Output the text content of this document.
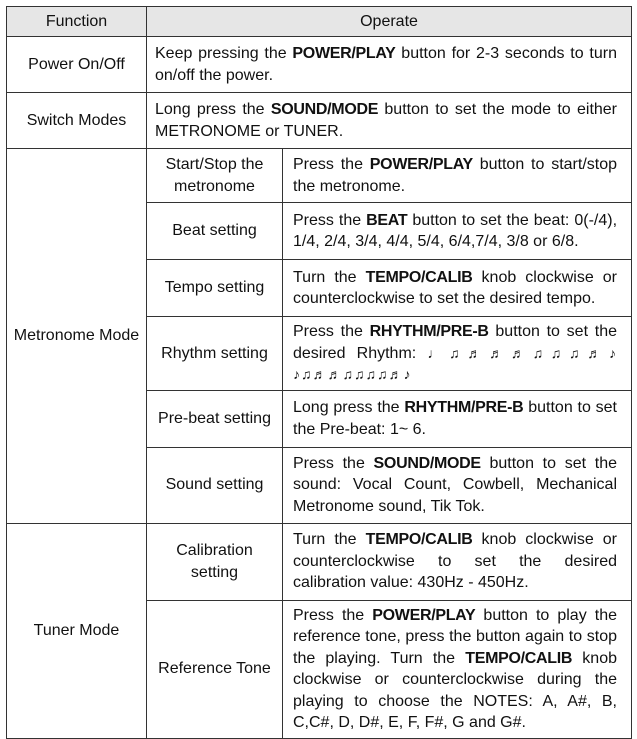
Function	Operate	
Power On/Off	Keep pressing the POWER/PLAY button for 2-3 seconds to turn on/off the power.	
Switch Modes	Long press the SOUND/MODE button to set the mode to either METRONOME or TUNER.	
Metronome Mode	Start/Stop the metronome	Press the POWER/PLAY button to start/stop the metronome.
	Beat setting	Press the BEAT button to set the beat: 0(-/4), 1/4, 2/4, 3/4, 4/4, 5/4, 6/4,7/4, 3/8 or 6/8.
	Tempo setting	Turn the TEMPO/CALIB knob clockwise or counterclockwise to set the desired tempo.
	Rhythm setting	Press the RHYTHM/PRE-B button to set the desired Rhythm: ♩♫♬♬♬♫♫♫♬♪ ♪♫♬♬♫♫♫♫♬♪
	Pre-beat setting	Long press the RHYTHM/PRE-B button to set the Pre-beat: 1~ 6.
	Sound setting	Press the SOUND/MODE button to set the sound: Vocal Count, Cowbell, Mechanical Metronome sound, Tik Tok.
Tuner Mode	Calibration setting	Turn the TEMPO/CALIB knob clockwise or counterclockwise to set the desired calibration value: 430Hz - 450Hz.
	Reference Tone	Press the POWER/PLAY button to play the reference tone, press the button again to stop the playing. Turn the TEMPO/CALIB knob clockwise or counterclockwise during the playing to choose the NOTES: A, A#, B, C,C#, D, D#, E, F, F#, G and G#.
